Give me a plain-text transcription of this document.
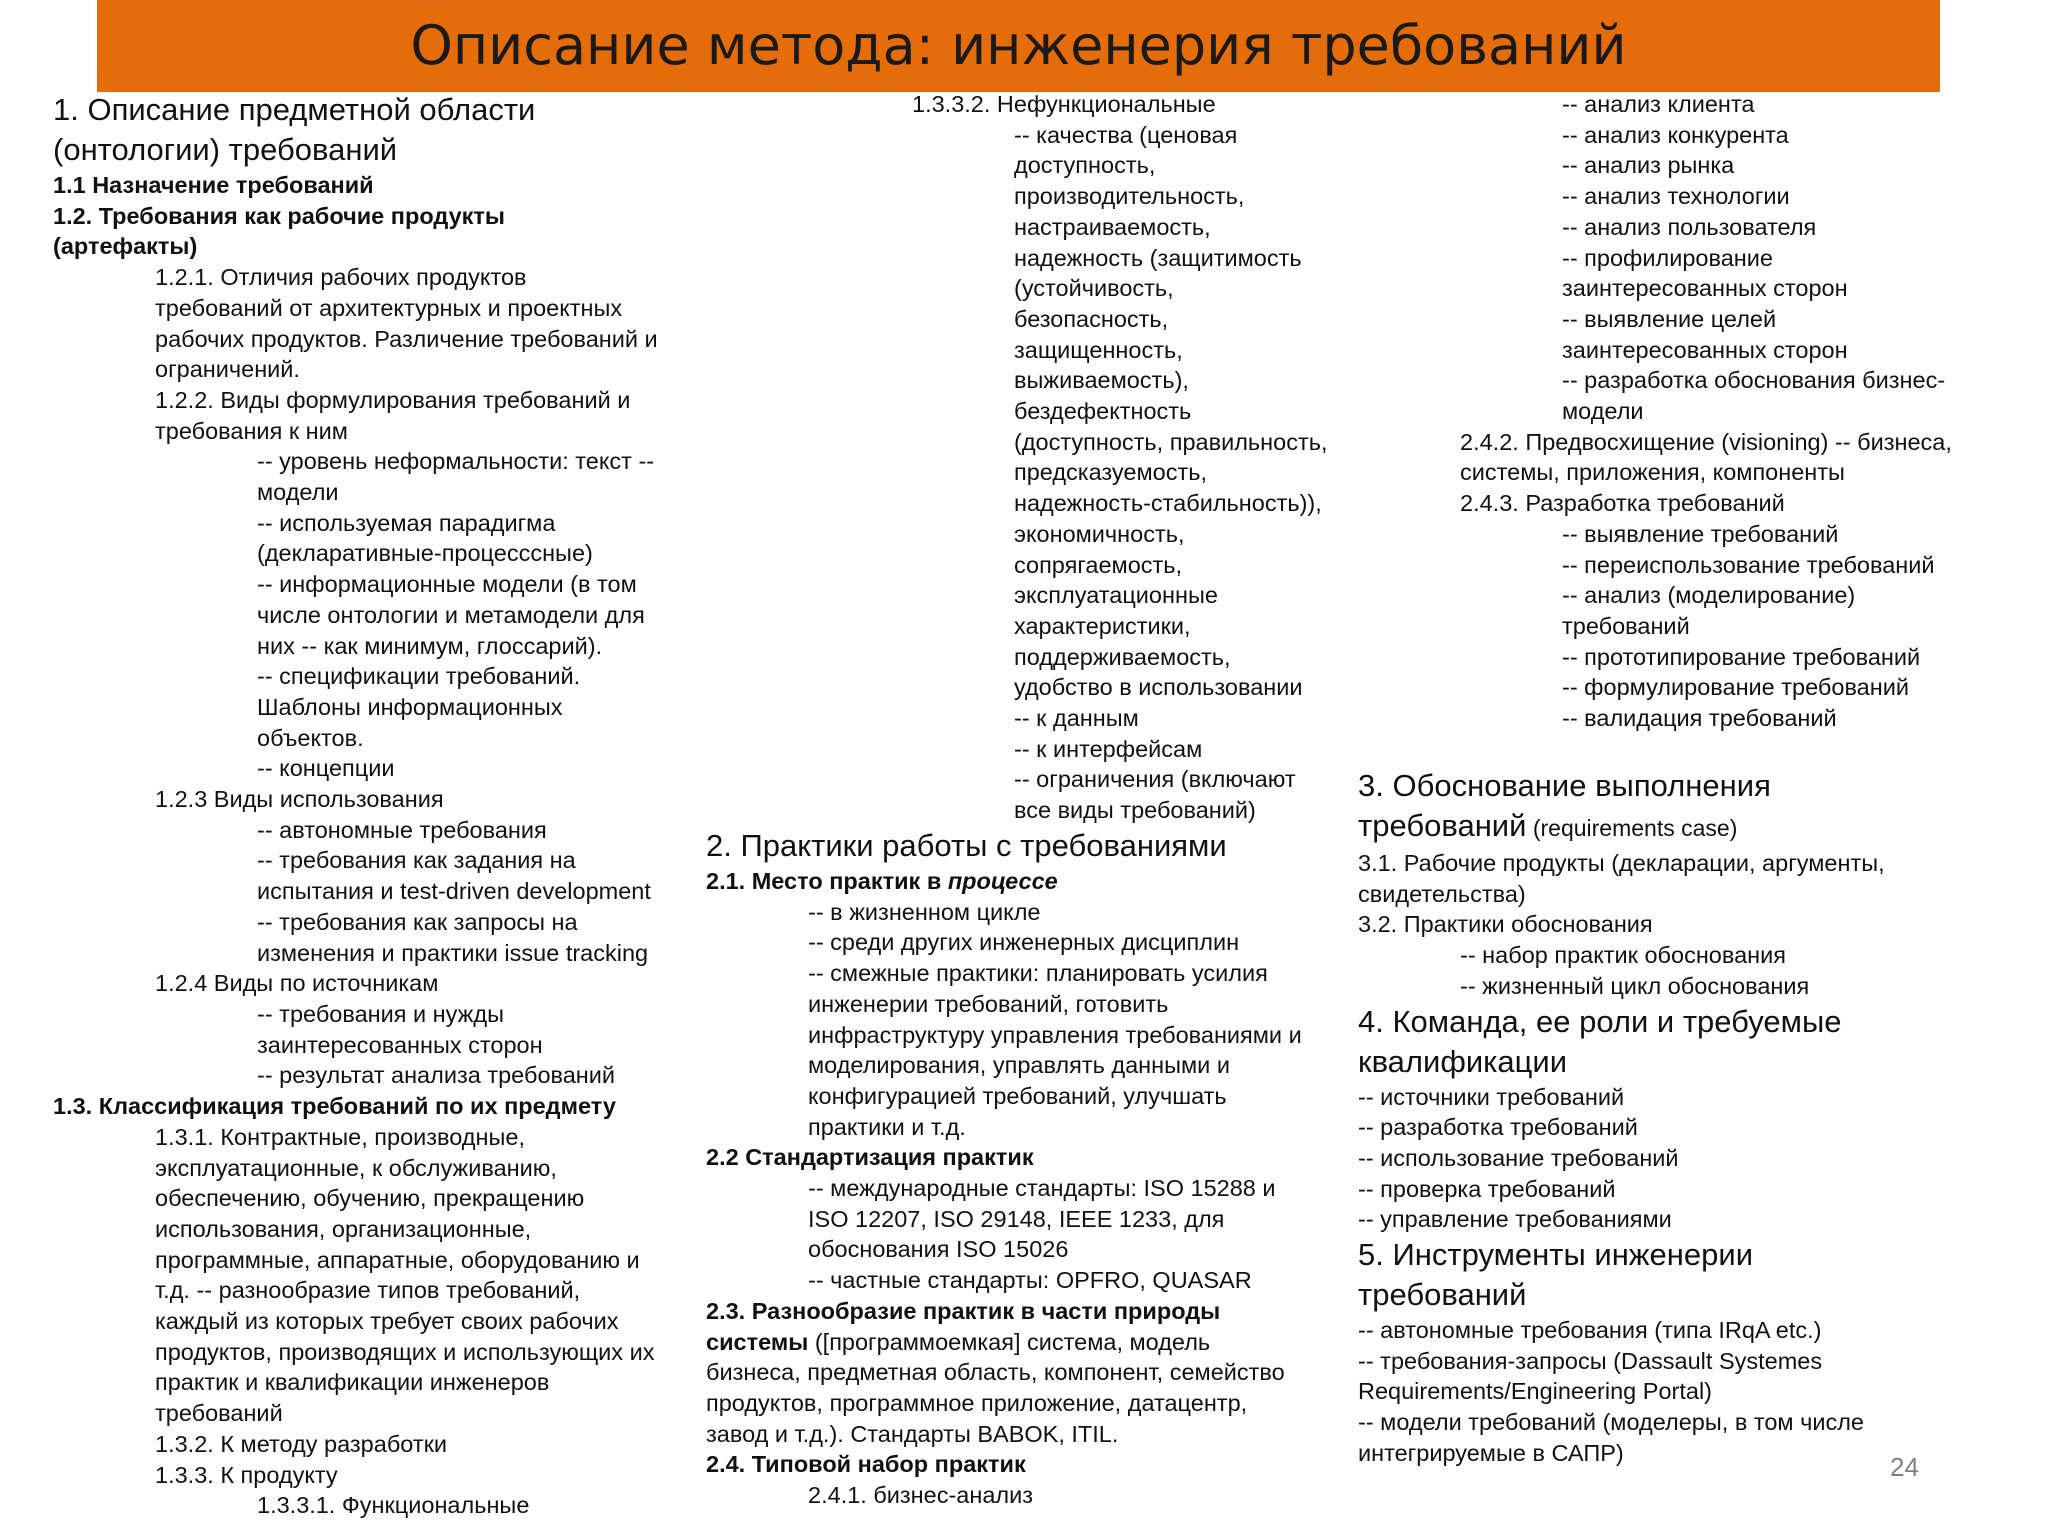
Описание метода: инженерия требований
1. Описание предметной области
(онтологии) требований
1.1 Назначение требований
1.2. Требования как рабочие продукты
(артефакты)
1.2.1. Отличия рабочих продуктов
требований от архитектурных и проектных
рабочих продуктов. Различение требований и
ограничений.
1.2.2. Виды формулирования требований и
требования к ним
-- уровень неформальности: текст --
модели
-- используемая парадигма
(декларативные-процесссные)
-- информационные модели (в том
числе онтологии и метамодели для
них -- как минимум, глоссарий).
-- спецификации требований.
Шаблоны информационных
объектов.
-- концепции
1.2.3 Виды использования
-- автономные требования
-- требования как задания на
испытания и test-driven development
-- требования как запросы на
изменения и практики issue tracking
1.2.4 Виды по источникам
-- требования и нужды
заинтересованных сторон
-- результат анализа требований
1.3. Классификация требований по их предмету
1.3.1. Контрактные, производные,
эксплуатационные, к обслуживанию,
обеспечению, обучению, прекращению
использования, организационные,
программные, аппаратные, оборудованию и
т.д. -- разнообразие типов требований,
каждый из которых требует своих рабочих
продуктов, производящих и использующих их
практик и квалификации инженеров
требований
1.3.2. К методу разработки
1.3.3. К продукту
1.3.3.1. Функциональные
1.3.3.2. Нефункциональные
-- качества (ценовая
доступность,
производительность,
настраиваемость,
надежность (защитимость
(устойчивость,
безопасность,
защищенность,
выживаемость),
бездефектность
(доступность, правильность,
предсказуемость,
надежность-стабильность)),
экономичность,
сопрягаемость,
эксплуатационные
характеристики,
поддерживаемость,
удобство в использовании
-- к данным
-- к интерфейсам
-- ограничения (включают
все виды требований)
2. Практики работы с требованиями
2.1. Место практик в процессе
-- в жизненном цикле
-- среди других инженерных дисциплин
-- смежные практики: планировать усилия
инженерии требований, готовить
инфраструктуру управления требованиями и
моделирования, управлять данными и
конфигурацией требований, улучшать
практики и т.д.
2.2 Стандартизация практик
-- международные стандарты: ISO 15288 и
ISO 12207, ISO 29148, IEEE 1233, для
обоснования ISO 15026
-- частные стандарты: OPFRO, QUASAR
2.3. Разнообразие практик в части природы
системы ([программоемкая] система, модель
бизнеса, предметная область, компонент, семейство
продуктов, программное приложение, датацентр,
завод и т.д.). Стандарты BABOK, ITIL.
2.4. Типовой набор практик
2.4.1. бизнес-анализ
-- анализ клиента
-- анализ конкурента
-- анализ рынка
-- анализ технологии
-- анализ пользователя
-- профилирование
заинтересованных сторон
-- выявление целей
заинтересованных сторон
-- разработка обоснования бизнес-
модели
2.4.2. Предвосхищение (visioning) -- бизнеса,
системы, приложения, компоненты
2.4.3. Разработка требований
-- выявление требований
-- переиспользование требований
-- анализ (моделирование)
требований
-- прототипирование требований
-- формулирование требований
-- валидация требований
3. Обоснование выполнения
требований (requirements case)
3.1. Рабочие продукты (декларации, аргументы,
свидетельства)
3.2. Практики обоснования
-- набор практик обоснования
-- жизненный цикл обоснования
4. Команда, ее роли и требуемые
квалификации
-- источники требований
-- разработка требований
-- использование требований
-- проверка требований
-- управление требованиями
5. Инструменты инженерии
требований
-- автономные требования (типа IRqA etc.)
-- требования-запросы (Dassault Systemes
Requirements/Engineering Portal)
-- модели требований (моделеры, в том числе
интегрируемые в САПР)	24
